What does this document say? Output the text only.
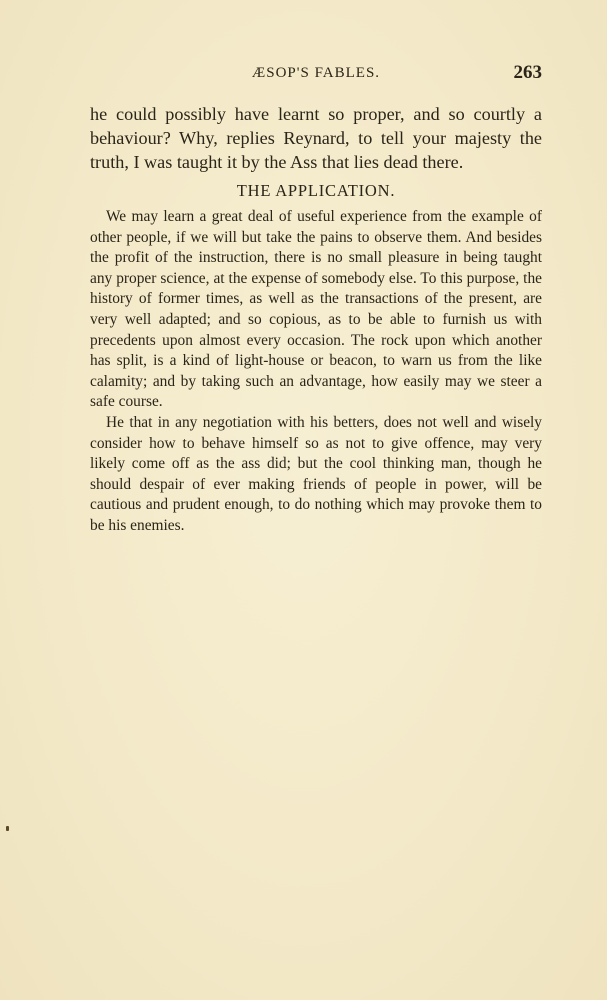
ÆSOP'S FABLES.	263

he could possibly have learnt so proper, and so courtly a behaviour? Why, replies Reynard, to tell your majesty the truth, I was taught it by the Ass that lies dead there.

THE APPLICATION.

We may learn a great deal of useful experience from the example of other people, if we will but take the pains to observe them. And besides the profit of the instruction, there is no small pleasure in being taught any proper science, at the expense of somebody else. To this purpose, the history of former times, as well as the transactions of the present, are very well adapted; and so copious, as to be able to furnish us with precedents upon almost every occasion. The rock upon which another has split, is a kind of light-house or beacon, to warn us from the like calamity; and by taking such an advantage, how easily may we steer a safe course.

He that in any negotiation with his betters, does not well and wisely consider how to behave himself so as not to give offence, may very likely come off as the ass did; but the cool thinking man, though he should despair of ever making friends of people in power, will be cautious and prudent enough, to do nothing which may provoke them to be his enemies.
